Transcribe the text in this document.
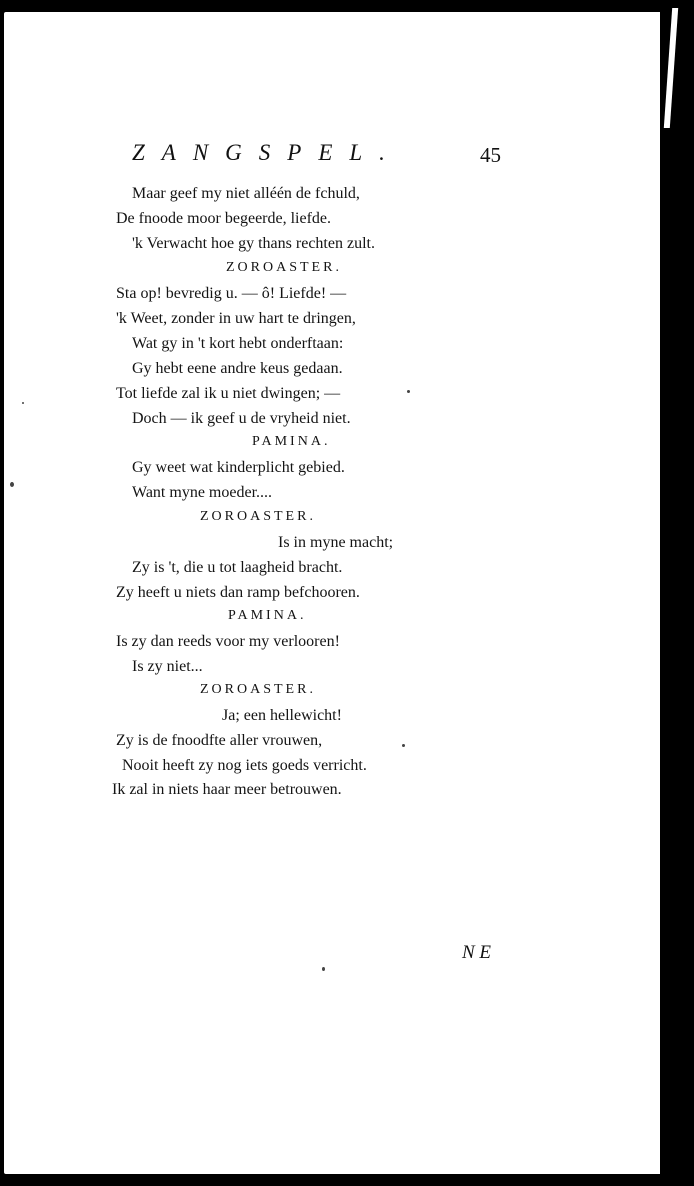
ZANGSPEL.	45
Maar geef my niet alléén de fchuld,
De fnoode moor begeerde, liefde.
'k Verwacht hoe gy thans rechten zult.
ZOROASTER.
Sta op! bevredig u. — ô! Liefde! —
'k Weet, zonder in uw hart te dringen,
Wat gy in 't kort hebt onderftaan:
Gy hebt eene andre keus gedaan.
Tot liefde zal ik u niet dwingen; —
Doch — ik geef u de vryheid niet.
PAMINA.
Gy weet wat kinderplicht gebied.
Want myne moeder....
ZOROASTER.
Is in myne macht;
Zy is 't, die u tot laagheid bracht.
Zy heeft u niets dan ramp befchooren.
PAMINA.
Is zy dan reeds voor my verlooren!
Is zy niet...
ZOROASTER.
Ja; een hellewicht!
Zy is de fnoodfte aller vrouwen,
Nooit heeft zy nog iets goeds verricht.
Ik zal in niets haar meer betrouwen.
N E
